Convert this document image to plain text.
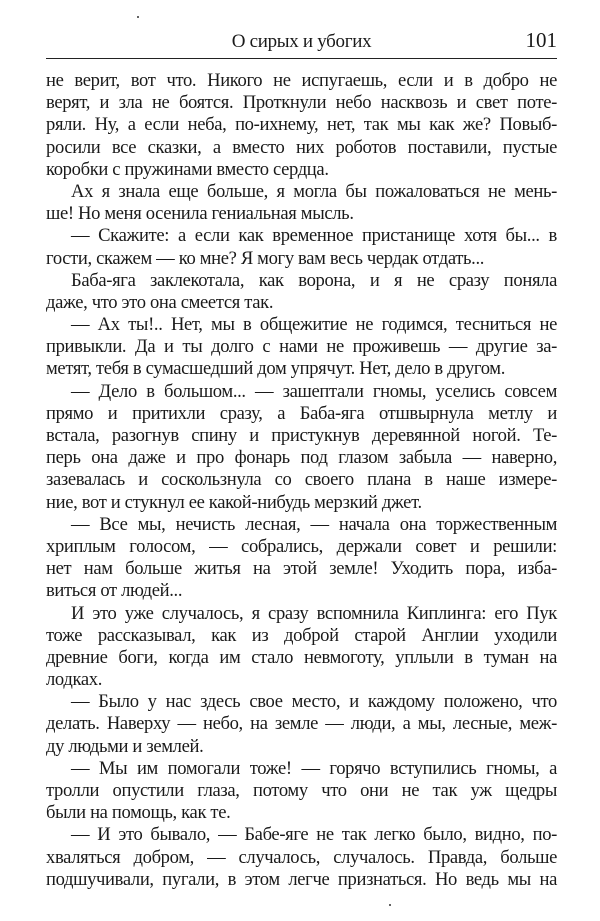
О сирых и убогих	101
не верит, вот что. Никого не испугаешь, если и в добро не
верят, и зла не боятся. Проткнули небо насквозь и свет поте-
ряли. Ну, а если неба, по-ихнему, нет, так мы как же? Повыб-
росили все сказки, а вместо них роботов поставили, пустые
коробки с пружинами вместо сердца.
Ах я знала еще больше, я могла бы пожаловаться не мень-
ше! Но меня осенила гениальная мысль.
— Скажите: а если как временное пристанище хотя бы... в
гости, скажем — ко мне? Я могу вам весь чердак отдать...
Баба-яга заклекотала, как ворона, и я не сразу поняла
даже, что это она смеется так.
— Ах ты!.. Нет, мы в общежитие не годимся, тесниться не
привыкли. Да и ты долго с нами не проживешь — другие за-
метят, тебя в сумасшедший дом упрячут. Нет, дело в другом.
— Дело в большом... — зашептали гномы, уселись совсем
прямо и притихли сразу, а Баба-яга отшвырнула метлу и
встала, разогнув спину и пристукнув деревянной ногой. Те-
перь она даже и про фонарь под глазом забыла — наверно,
зазевалась и соскользнула со своего плана в наше измере-
ние, вот и стукнул ее какой-нибудь мерзкий джет.
— Все мы, нечисть лесная, — начала она торжественным
хриплым голосом, — собрались, держали совет и решили:
нет нам больше житья на этой земле! Уходить пора, изба-
виться от людей...
И это уже случалось, я сразу вспомнила Киплинга: его Пук
тоже рассказывал, как из доброй старой Англии уходили
древние боги, когда им стало невмоготу, уплыли в туман на
лодках.
— Было у нас здесь свое место, и каждому положено, что
делать. Наверху — небо, на земле — люди, а мы, лесные, меж-
ду людьми и землей.
— Мы им помогали тоже! — горячо вступились гномы, а
тролли опустили глаза, потому что они не так уж щедры
были на помощь, как те.
— И это бывало, — Бабе-яге не так легко было, видно, по-
хваляться добром, — случалось, случалось. Правда, больше
подшучивали, пугали, в этом легче признаться. Но ведь мы на
